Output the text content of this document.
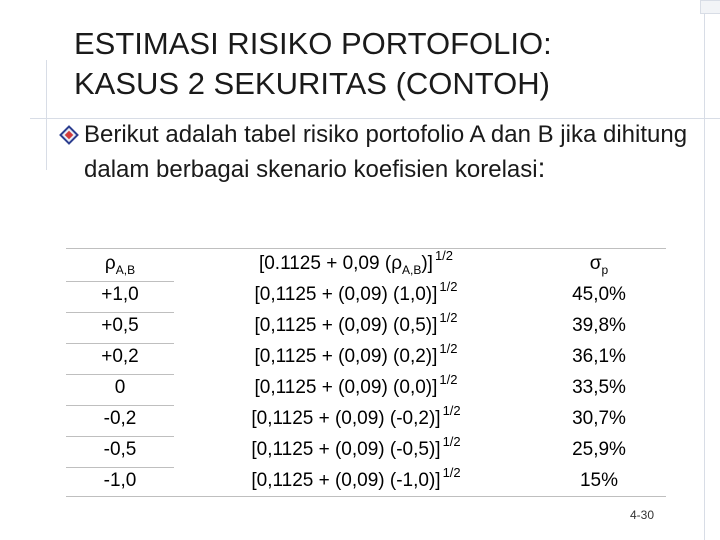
ESTIMASI RISIKO PORTOFOLIO:
KASUS 2 SEKURITAS (CONTOH)
Berikut adalah tabel risiko portofolio A dan B jika dihitung dalam berbagai skenario koefisien korelasi:
$\rho_{A,B}$	[0.1125 + 0,09 $(\rho_{A,B})$] $^{1/2}$	$\sigma_p$
+1,0	[0,1125 + (0,09) (1,0)] $^{1/2}$	45,0%
+0,5	[0,1125 + (0,09) (0,5)] $^{1/2}$	39,8%
+0,2	[0,1125 + (0,09) (0,2)] $^{1/2}$	36,1%
0	[0,1125 + (0,09) (0,0)] $^{1/2}$	33,5%
-0,2	[0,1125 + (0,09) (-0,2)] $^{1/2}$	30,7%
-0,5	[0,1125 + (0,09) (-0,5)] $^{1/2}$	25,9%
-1,0	[0,1125 + (0,09) (-1,0)] $^{1/2}$	15%
4-30
